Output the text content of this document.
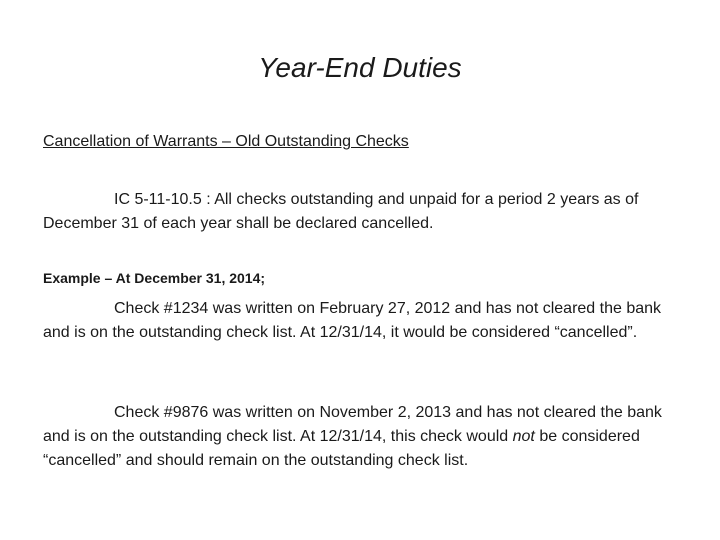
Year-End Duties
Cancellation of Warrants – Old Outstanding Checks
IC 5-11-10.5 : All checks outstanding and unpaid for a period 2 years as of December 31 of each year shall be declared cancelled.
Example – At December 31, 2014;
Check #1234 was written on February 27, 2012 and has not cleared the bank and is on the outstanding check list. At 12/31/14, it would be considered “cancelled”.
Check #9876 was written on November 2, 2013 and has not cleared the bank and is on the outstanding check list. At 12/31/14, this check would not be considered “cancelled” and should remain on the outstanding check list.
